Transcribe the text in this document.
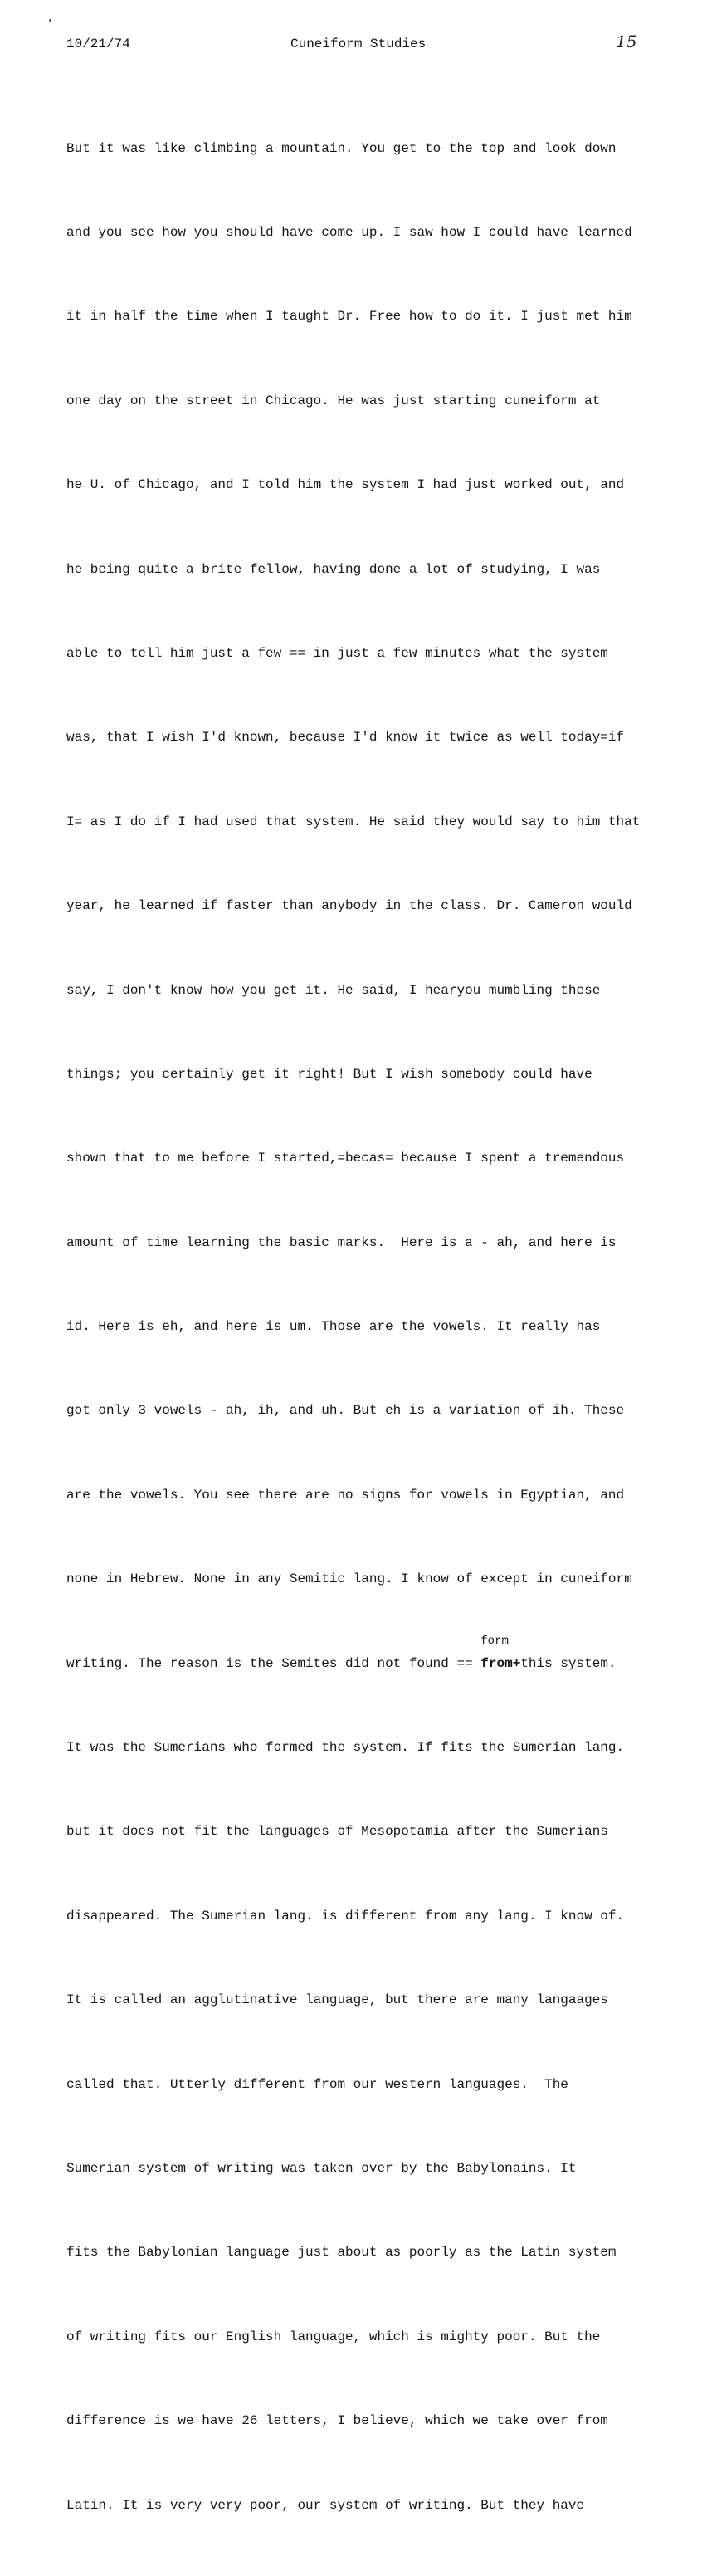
10/21/74	Cuneiform Studies	15

But it was like climbing a mountain. You get to the top and look down

and you see how you should have come up. I saw how I could have learned

it in half the time when I taught Dr. Free how to do it. I just met him

one day on the street in Chicago. He was just starting cuneiform at

he U. of Chicago, and I told him the system I had just worked out, and

he being quite a brite fellow, having done a lot of studying, I was

able to tell him just a few == in just a few minutes what the system

was, that I wish I'd known, because I'd know it twice as well today=if

I= as I do if I had used that system. He said they would say to him that

year, he learned if faster than anybody in the class. Dr. Cameron would

say, I don't know how you get it. He said, I hearyou mumbling these

things; you certainly get it right! But I wish somebody could have

shown that to me before I started,=becas= because I spent a tremendous

amount of time learning the basic marks.  Here is a - ah, and here is

id. Here is eh, and here is um. Those are the vowels. It really has

got only 3 vowels - ah, ih, and uh. But eh is a variation of ih. These

are the vowels. You see there are no signs for vowels in Egyptian, and

none in Hebrew. None in any Semitic lang. I know of except in cuneiform

writing. The reason is the Semites did not found ==
form
from+this system.

It was the Sumerians who formed the system. If fits the Sumerian lang.

but it does not fit the languages of Mesopotamia after the Sumerians

disappeared. The Sumerian lang. is different from any lang. I know of.

It is called an agglutinative language, but there are many langaages

called that. Utterly different from our western languages.  The

Sumerian system of writing was taken over by the Babylonains. It

fits the Babylonian language just about as poorly as the Latin system

of writing fits our English language, which is mighty poor. But the

difference is we have 26 letters, I believe, which we take over from

Latin. It is very very poor, our system of writing. But they have
